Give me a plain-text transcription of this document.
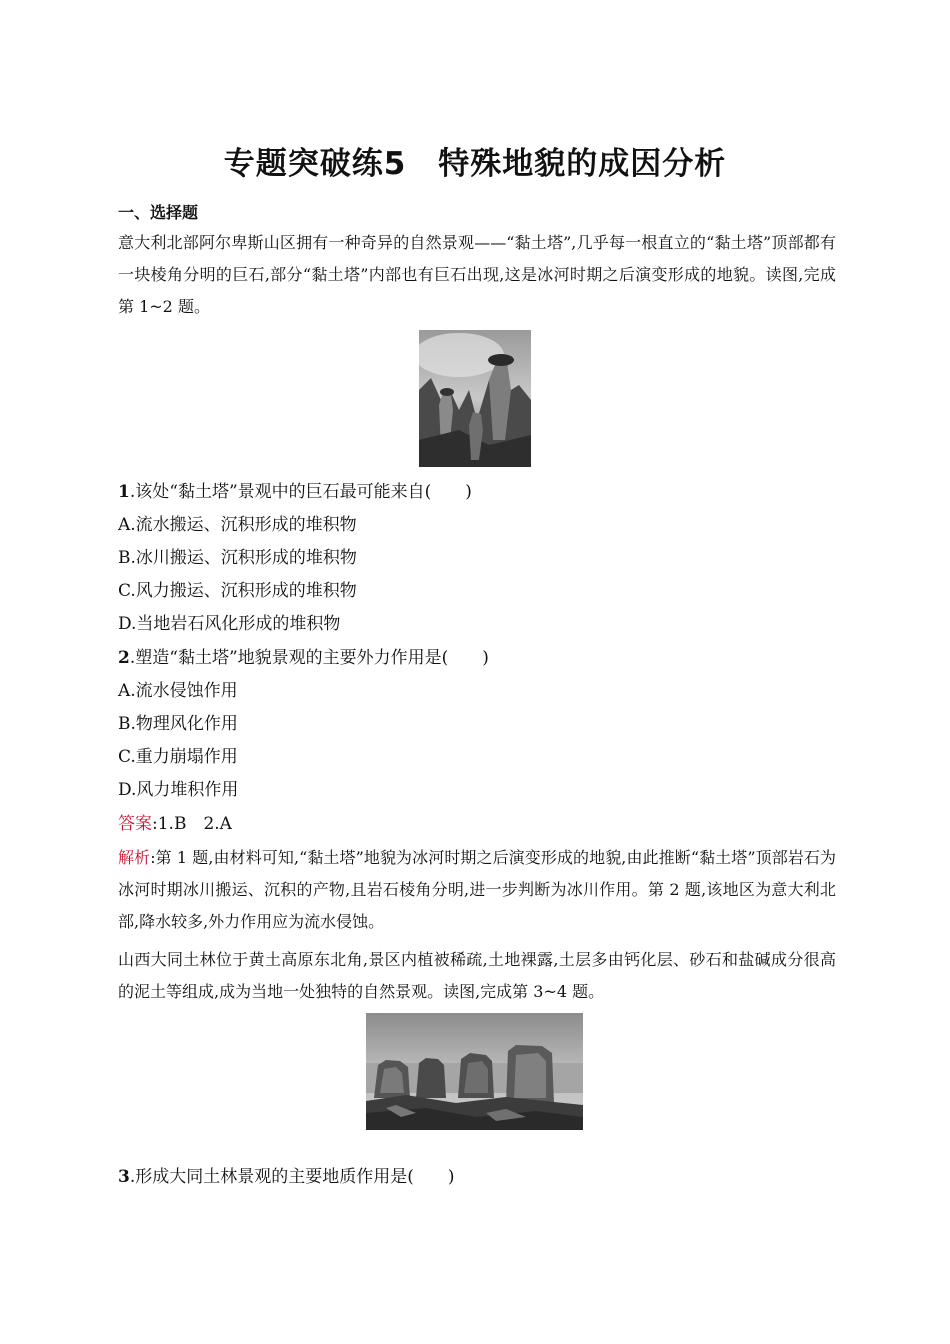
专题突破练5　特殊地貌的成因分析
一、选择题
意大利北部阿尔卑斯山区拥有一种奇异的自然景观——“黏土塔”,几乎每一根直立的“黏土塔”顶部都有一块棱角分明的巨石,部分“黏土塔”内部也有巨石出现,这是冰河时期之后演变形成的地貌。读图,完成第 1~2 题。
1.该处“黏土塔”景观中的巨石最可能来自(　　)
A.流水搬运、沉积形成的堆积物
B.冰川搬运、沉积形成的堆积物
C.风力搬运、沉积形成的堆积物
D.当地岩石风化形成的堆积物
2.塑造“黏土塔”地貌景观的主要外力作用是(　　)
A.流水侵蚀作用
B.物理风化作用
C.重力崩塌作用
D.风力堆积作用
答案:1.B　2.A
解析:第 1 题,由材料可知,“黏土塔”地貌为冰河时期之后演变形成的地貌,由此推断“黏土塔”顶部岩石为冰河时期冰川搬运、沉积的产物,且岩石棱角分明,进一步判断为冰川作用。第 2 题,该地区为意大利北部,降水较多,外力作用应为流水侵蚀。
山西大同土林位于黄土高原东北角,景区内植被稀疏,土地裸露,土层多由钙化层、砂石和盐碱成分很高的泥土等组成,成为当地一处独特的自然景观。读图,完成第 3~4 题。
3.形成大同土林景观的主要地质作用是(　　)
